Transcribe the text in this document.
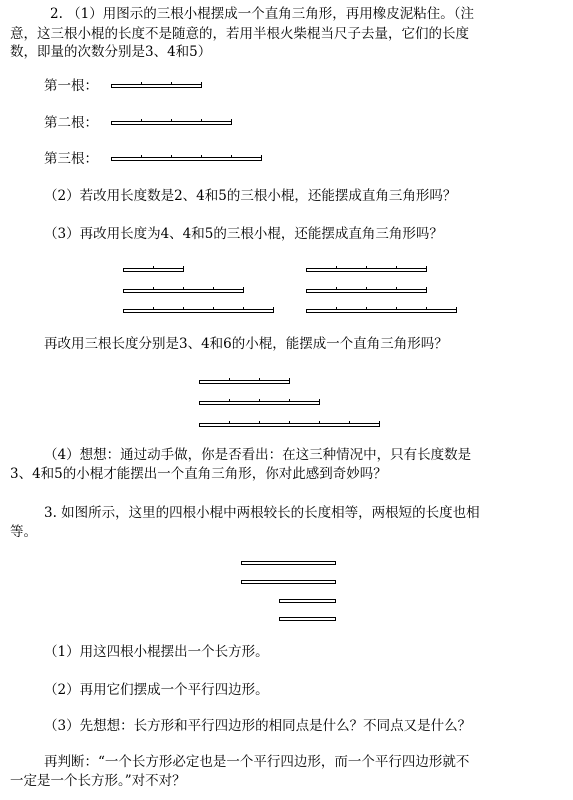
2. （1）用图示的三根小棍摆成一个直角三角形，再用橡皮泥粘住。（注
意，这三根小棍的长度不是随意的，若用半根火柴棍当尺子去量，它们的长度
数，即量的次数分别是3、4和5）
第一根：
第二根：
第三根：
（2）若改用长度数是2、4和5的三根小棍，还能摆成直角三角形吗？
（3）再改用长度为4、4和5的三根小棍，还能摆成直角三角形吗？
再改用三根长度分别是3、4和6的小棍，能摆成一个直角三角形吗？
（4）想想：通过动手做，你是否看出：在这三种情况中，只有长度数是
3、4和5的小棍才能摆出一个直角三角形，你对此感到奇妙吗？
3. 如图所示，这里的四根小棍中两根较长的长度相等，两根短的长度也相
等。
（1）用这四根小棍摆出一个长方形。
（2）再用它们摆成一个平行四边形。
（3）先想想：长方形和平行四边形的相同点是什么？不同点又是什么？
再判断：“一个长方形必定也是一个平行四边形，而一个平行四边形就不
一定是一个长方形。”对不对？
